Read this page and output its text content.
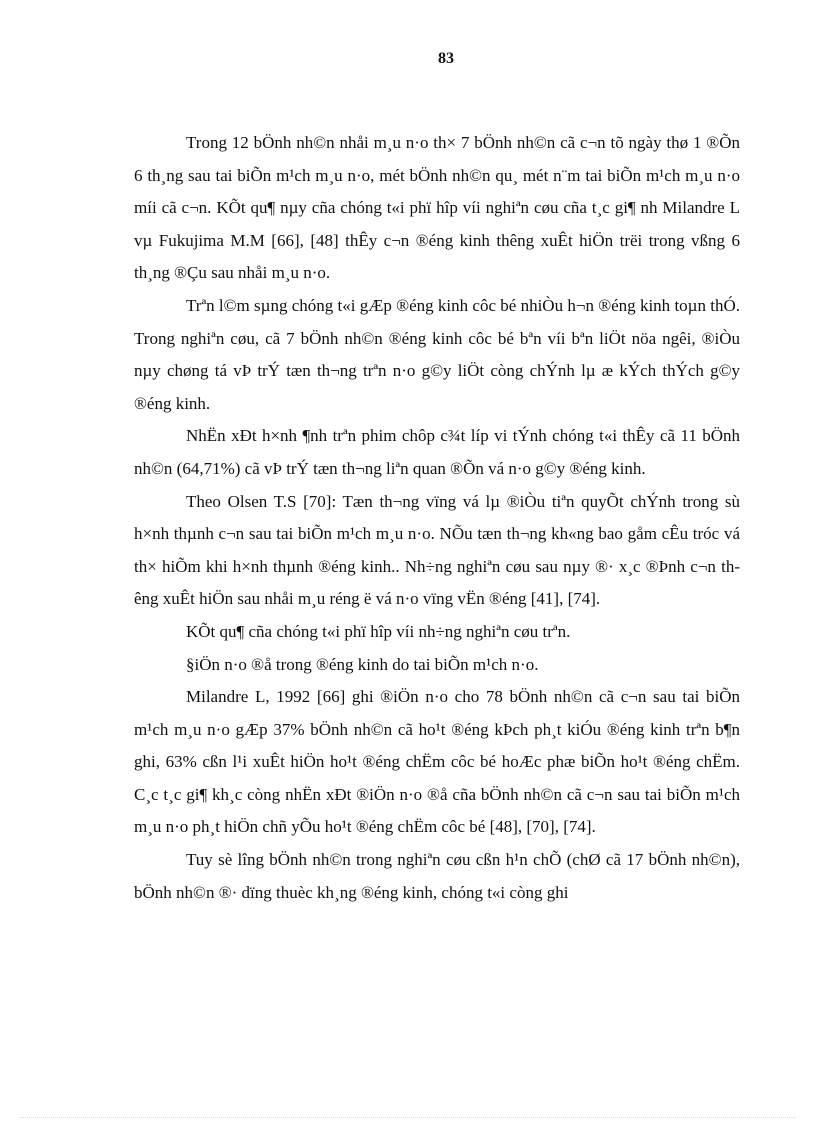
83

Trong 12 bÖnh nh©n nhåi m¸u n·o th× 7 bÖnh nh©n cã c¬n tõ ngày thø 1 ®Õn 6 th¸ng sau tai biÕn m¹ch m¸u n·o, mét bÖnh nh©n qu¸ mét n¨m tai biÕn m¹ch m¸u n·o míi cã c¬n. KÕt qu¶ nµy cña chóng t«i phï hîp víi nghiªn cøu cña t¸c gi¶ nh Milandre L vµ Fukujima M.M [66], [48] thÊy c¬n ®éng kinh thêng xuÊt hiÖn trëi trong vßng 6 th¸ng ®Çu sau nhåi m¸u n·o.

Trªn l©m sµng chóng t«i gÆp ®éng kinh côc bé nhiÒu h¬n ®éng kinh toµn thÓ. Trong nghiªn cøu, cã 7 bÖnh nh©n ®éng kinh côc bé bªn víi bªn liÖt nöa ngêi, ®iÒu nµy chøng tá vÞ trÝ tæn th¬ng trªn n·o g©y liÖt còng chÝnh lµ æ kÝch thÝch g©y ®éng kinh.

NhËn xÐt h×nh ¶nh trªn phim chôp c¾t líp vi tÝnh chóng t«i thÊy cã 11 bÖnh nh©n (64,71%) cã vÞ trÝ tæn th¬ng liªn quan ®Õn vá n·o g©y ®éng kinh.

Theo Olsen T.S [70]: Tæn th¬ng vïng vá lµ ®iÒu tiªn quyÕt chÝnh trong sù h×nh thµnh c¬n sau tai biÕn m¹ch m¸u n·o. NÕu tæn th¬ng kh«ng bao gåm cÊu tróc vá th× hiÕm khi h×nh thµnh ®éng kinh.. Nh÷ng nghiªn cøu sau nµy ®· x¸c ®Þnh c¬n thêng xuÊt hiÖn sau nhåi m¸u réng ë vá n·o vïng vËn ®éng [41], [74].

KÕt qu¶ cña chóng t«i phï hîp víi nh÷ng nghiªn cøu trªn.

§iÖn n·o ®å trong ®éng kinh do tai biÕn m¹ch n·o.

Milandre L, 1992 [66] ghi ®iÖn n·o cho 78 bÖnh nh©n cã c¬n sau tai biÕn m¹ch m¸u n·o gÆp 37% bÖnh nh©n cã ho¹t ®éng kÞch ph¸t kiÓu ®éng kinh trªn b¶n ghi, 63% cßn l¹i xuÊt hiÖn ho¹t ®éng chËm côc bé hoÆc phæ biÕn ho¹t ®éng chËm. C¸c t¸c gi¶ kh¸c còng nhËn xÐt ®iÖn n·o ®å cña bÖnh nh©n cã c¬n sau tai biÕn m¹ch m¸u n·o ph¸t hiÖn chñ yÕu ho¹t ®éng chËm côc bé [48], [70], [74].

Tuy sè lîng bÖnh nh©n trong nghiªn cøu cßn h¹n chÕ (chØ cã 17 bÖnh nh©n), bÖnh nh©n ®· dïng thuèc kh¸ng ®éng kinh, chóng t«i còng ghi
